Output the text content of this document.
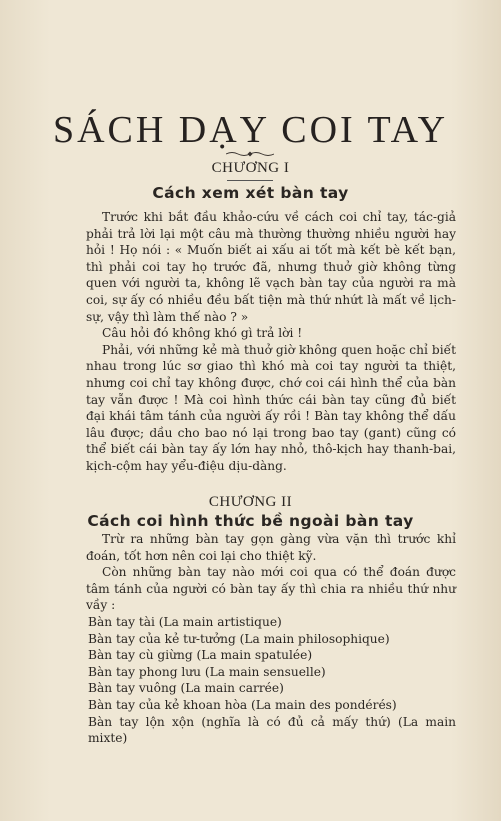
SÁCH DẠY COI TAY
CHƯƠNG I
Cách xem xét bàn tay

Trước khi bắt đầu khảo-cứu về cách coi chỉ tay, tác-giả phải trả lời lại một câu mà thường thường nhiều người hay hỏi ! Họ nói : « Muốn biết ai xấu ai tốt mà kết bè kết bạn, thì phải coi tay họ trước đã, nhưng thuở giờ không từng quen với người ta, không lẽ vạch bàn tay của người ra mà coi, sự ấy có nhiều đều bất tiện mà thứ nhứt là mất về lịch-sự, vậy thì làm thế nào ? »

Câu hỏi đó không khó gì trả lời !

Phải, với những kẻ mà thuở giờ không quen hoặc chỉ biết nhau trong lúc sơ giao thì khó mà coi tay người ta thiệt, nhưng coi chỉ tay không được, chớ coi cái hình thể của bàn tay vẫn được ! Mà coi hình thức cái bàn tay cũng đủ biết đại khái tâm tánh của người ấy rồi ! Bàn tay không thể dấu lâu được; dầu cho bao nó lại trong bao tay (gant) cũng có thể biết cái bàn tay ấy lớn hay nhỏ, thô-kịch hay thanh-bai, kịch-cộm hay yểu-điệu dịu-dàng.

CHƯƠNG II
Cách coi hình thức bề ngoài bàn tay

Trừ ra những bàn tay gọn gàng vừa vặn thì trước khỉ đoán, tốt hơn nên coi lại cho thiệt kỹ.

Còn những bàn tay nào mới coi qua có thể đoán được tâm tánh của người có bàn tay ấy thì chia ra nhiều thứ như vầy :

Bàn tay tài (La main artistique)

Bàn tay của kẻ tư-tưởng (La main philosophique)

Bàn tay cù giừng (La main spatulée)

Bàn tay phong lưu (La main sensuelle)

Bàn tay vuông (La main carrée)

Bàn tay của kẻ khoan hòa (La main des pondérés)

Bàn tay lộn xộn (nghĩa là có đủ cả mấy thứ) (La main mixte)
